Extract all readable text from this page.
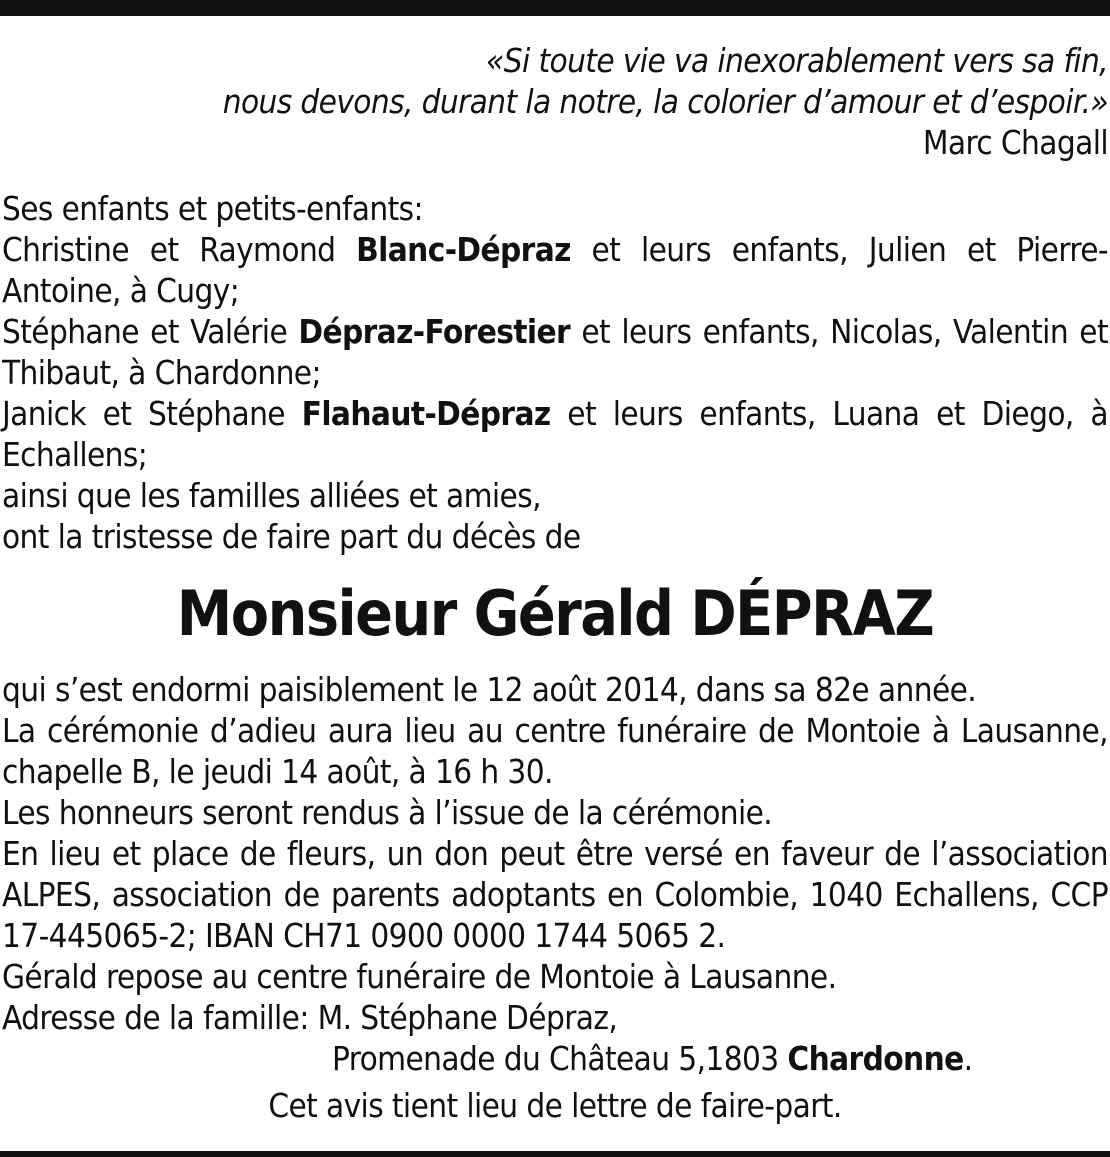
«Si toute vie va inexorablement vers sa fin,

nous devons, durant la notre, la colorier d’amour et d’espoir.»

Marc Chagall

Ses enfants et petits-enfants:

Christine et Raymond Blanc-Dépraz et leurs enfants, Julien et Pierre-Antoine, à Cugy;

Stéphane et Valérie Dépraz-Forestier et leurs enfants, Nicolas, Valentin et Thibaut, à Chardonne;

Janick et Stéphane Flahaut-Dépraz et leurs enfants, Luana et Diego, à Echallens;

ainsi que les familles alliées et amies,

ont la tristesse de faire part du décès de

Monsieur Gérald DÉPRAZ

qui s’est endormi paisiblement le 12 août 2014, dans sa 82e année.

La cérémonie d’adieu aura lieu au centre funéraire de Montoie à Lausanne, chapelle B, le jeudi 14 août, à 16 h 30.

Les honneurs seront rendus à l’issue de la cérémonie.

En lieu et place de fleurs, un don peut être versé en faveur de l’association ALPES, association de parents adoptants en Colombie, 1040 Echallens, CCP 17-445065-2; IBAN CH71 0900 0000 1744 5065 2.

Gérald repose au centre funéraire de Montoie à Lausanne.

Adresse de la famille: M. Stéphane Dépraz,

Promenade du Château 5,1803 Chardonne.

Cet avis tient lieu de lettre de faire-part.
